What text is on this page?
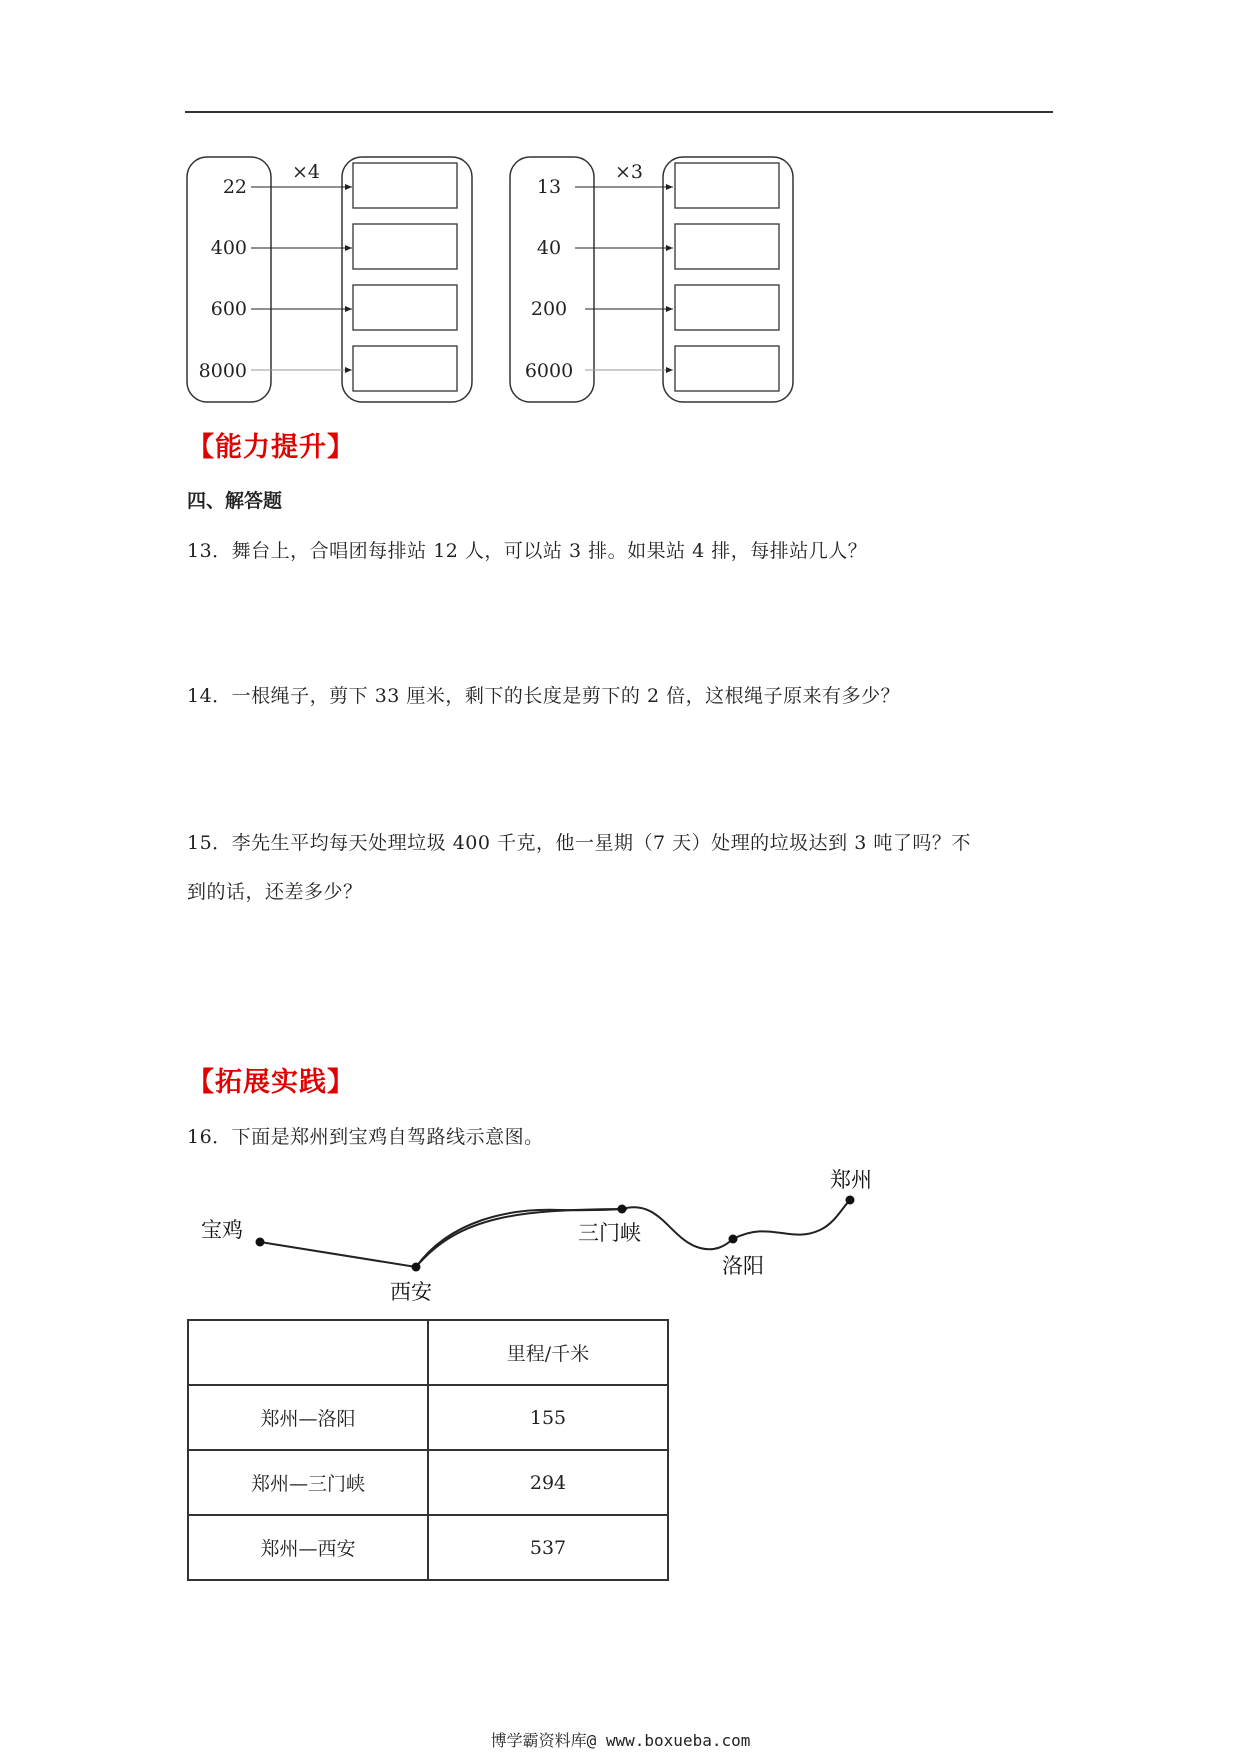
×4
22
400
600
8000
×3
13
40
200
6000
【能力提升】
四、解答题
13．舞台上，合唱团每排站 12 人，可以站 3 排。如果站 4 排，每排站几人？
14．一根绳子，剪下 33 厘米，剩下的长度是剪下的 2 倍，这根绳子原来有多少？
15．李先生平均每天处理垃圾 400 千克，他一星期（7 天）处理的垃圾达到 3 吨了吗？不
到的话，还差多少？
【拓展实践】
16．下面是郑州到宝鸡自驾路线示意图。
宝鸡
西安
三门峡
洛阳
郑州
	里程/千米
郑州—洛阳	155
郑州—三门峡	294
郑州—西安	537
博学霸资料库@ www.boxueba.com
